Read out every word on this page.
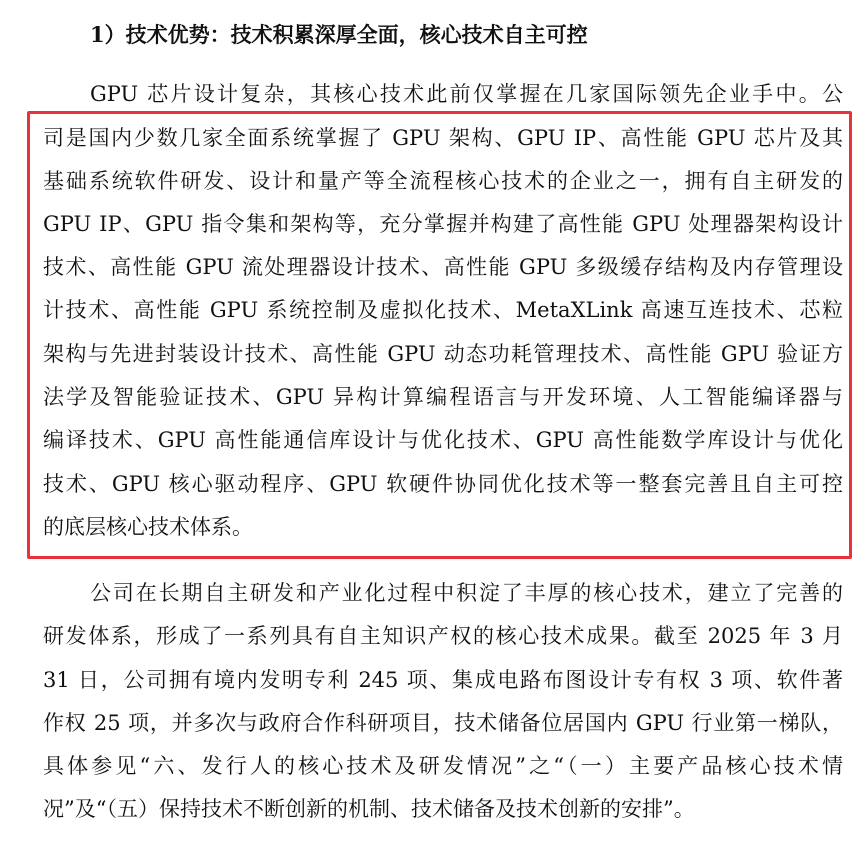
1）技术优势：技术积累深厚全面，核心技术自主可控
GPU 芯片设计复杂，其核心技术此前仅掌握在几家国际领先企业手中。公
司是国内少数几家全面系统掌握了 GPU 架构、GPU IP、高性能 GPU 芯片及其
基础系统软件研发、设计和量产等全流程核心技术的企业之一，拥有自主研发的
GPU IP、GPU 指令集和架构等，充分掌握并构建了高性能 GPU 处理器架构设计
技术、高性能 GPU 流处理器设计技术、高性能 GPU 多级缓存结构及内存管理设
计技术、高性能 GPU 系统控制及虚拟化技术、MetaXLink 高速互连技术、芯粒
架构与先进封装设计技术、高性能 GPU 动态功耗管理技术、高性能 GPU 验证方
法学及智能验证技术、GPU 异构计算编程语言与开发环境、人工智能编译器与
编译技术、GPU 高性能通信库设计与优化技术、GPU 高性能数学库设计与优化
技术、GPU 核心驱动程序、GPU 软硬件协同优化技术等一整套完善且自主可控
的底层核心技术体系。
公司在长期自主研发和产业化过程中积淀了丰厚的核心技术，建立了完善的
研发体系，形成了一系列具有自主知识产权的核心技术成果。截至 2025 年 3 月
31 日，公司拥有境内发明专利 245 项、集成电路布图设计专有权 3 项、软件著
作权 25 项，并多次与政府合作科研项目，技术储备位居国内 GPU 行业第一梯队，
具体参见“六、发行人的核心技术及研发情况”之“（一）主要产品核心技术情
况”及“（五）保持技术不断创新的机制、技术储备及技术创新的安排”。
